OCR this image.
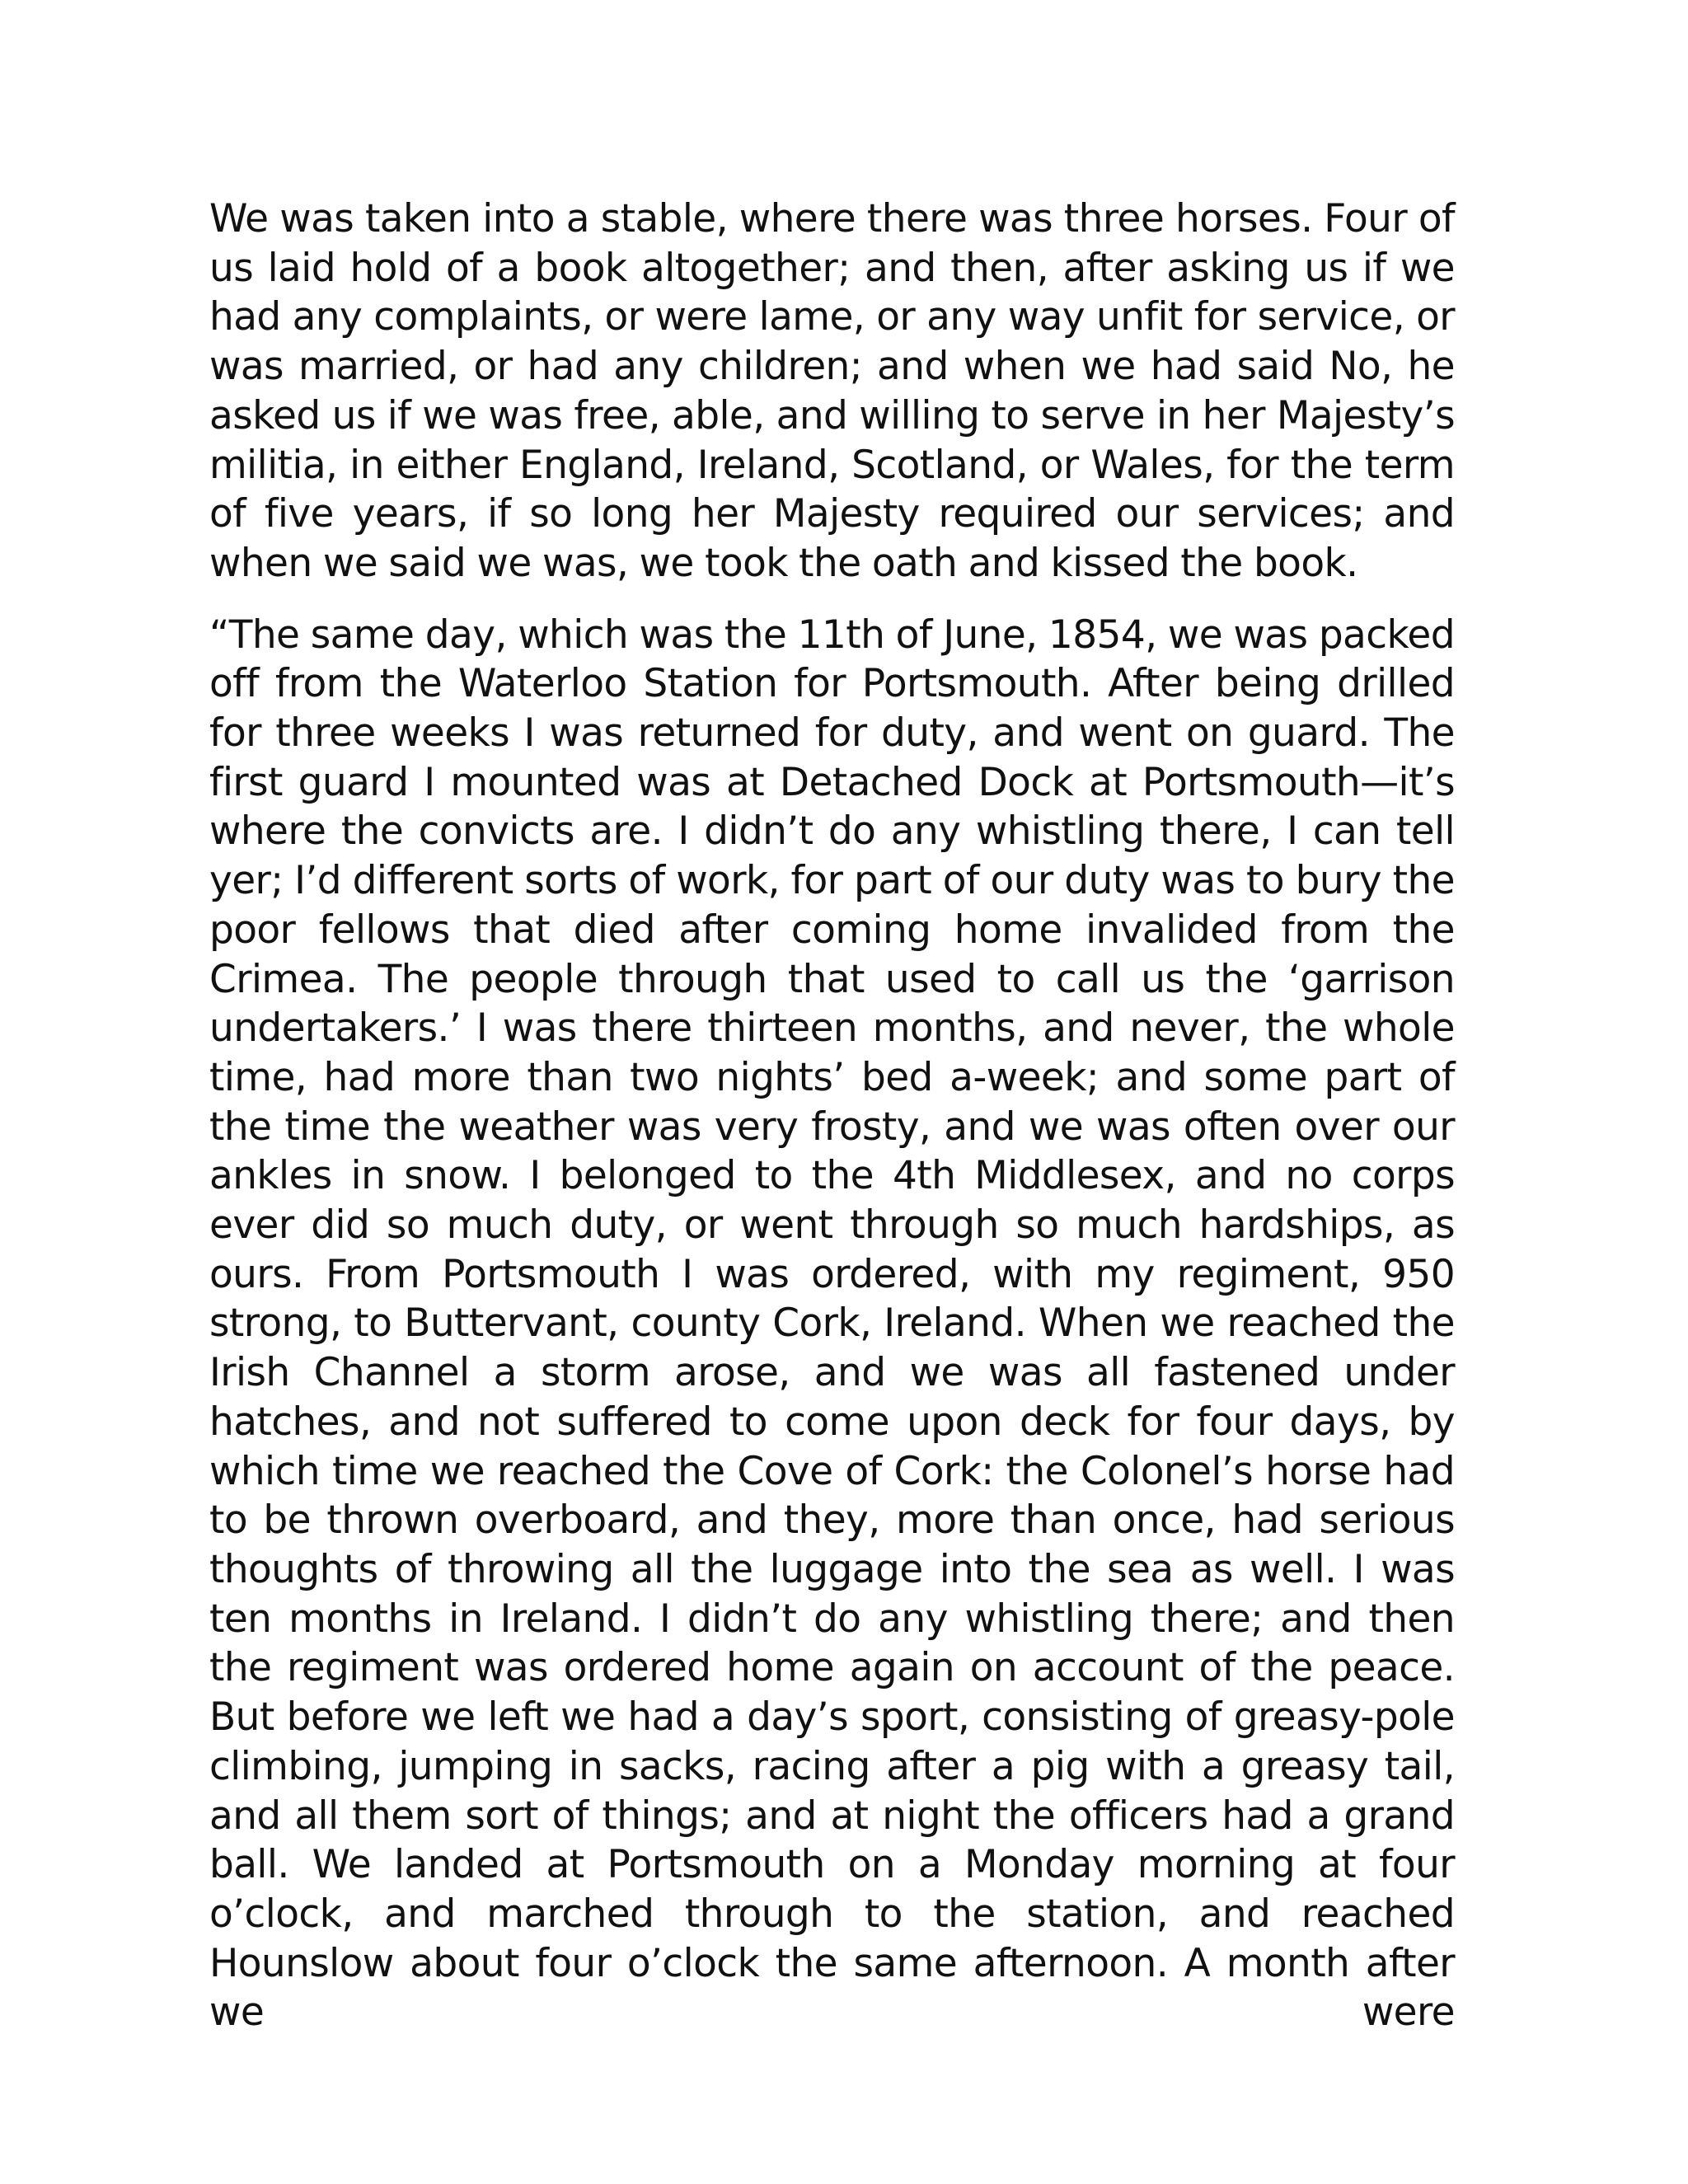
We was taken into a stable, where there was three horses. Four of us laid hold of a book altogether; and then, after asking us if we had any complaints, or were lame, or any way unfit for service, or was married, or had any children; and when we had said No, he asked us if we was free, able, and willing to serve in her Majesty’s militia, in either England, Ireland, Scotland, or Wales, for the term of five years, if so long her Majesty required our services; and when we said we was, we took the oath and kissed the book.

“The same day, which was the 11th of June, 1854, we was packed off from the Waterloo Station for Portsmouth. After being drilled for three weeks I was returned for duty, and went on guard. The first guard I mounted was at Detached Dock at Portsmouth—it’s where the convicts are. I didn’t do any whistling there, I can tell yer; I’d different sorts of work, for part of our duty was to bury the poor fellows that died after coming home invalided from the Crimea. The people through that used to call us the ‘garrison undertakers.’ I was there thirteen months, and never, the whole time, had more than two nights’ bed a-week; and some part of the time the weather was very frosty, and we was often over our ankles in snow. I belonged to the 4th Middlesex, and no corps ever did so much duty, or went through so much hardships, as ours. From Portsmouth I was ordered, with my regiment, 950 strong, to Buttervant, county Cork, Ireland. When we reached the Irish Channel a storm arose, and we was all fastened under hatches, and not suffered to come upon deck for four days, by which time we reached the Cove of Cork: the Colonel’s horse had to be thrown overboard, and they, more than once, had serious thoughts of throwing all the luggage into the sea as well. I was ten months in Ireland. I didn’t do any whistling there; and then the regiment was ordered home again on account of the peace. But before we left we had a day’s sport, consisting of greasy-pole climbing, jumping in sacks, racing after a pig with a greasy tail, and all them sort of things; and at night the officers had a grand ball. We landed at Portsmouth on a Monday morning at four o’clock, and marched through to the station, and reached Hounslow about four o’clock the same afternoon. A month after we were
